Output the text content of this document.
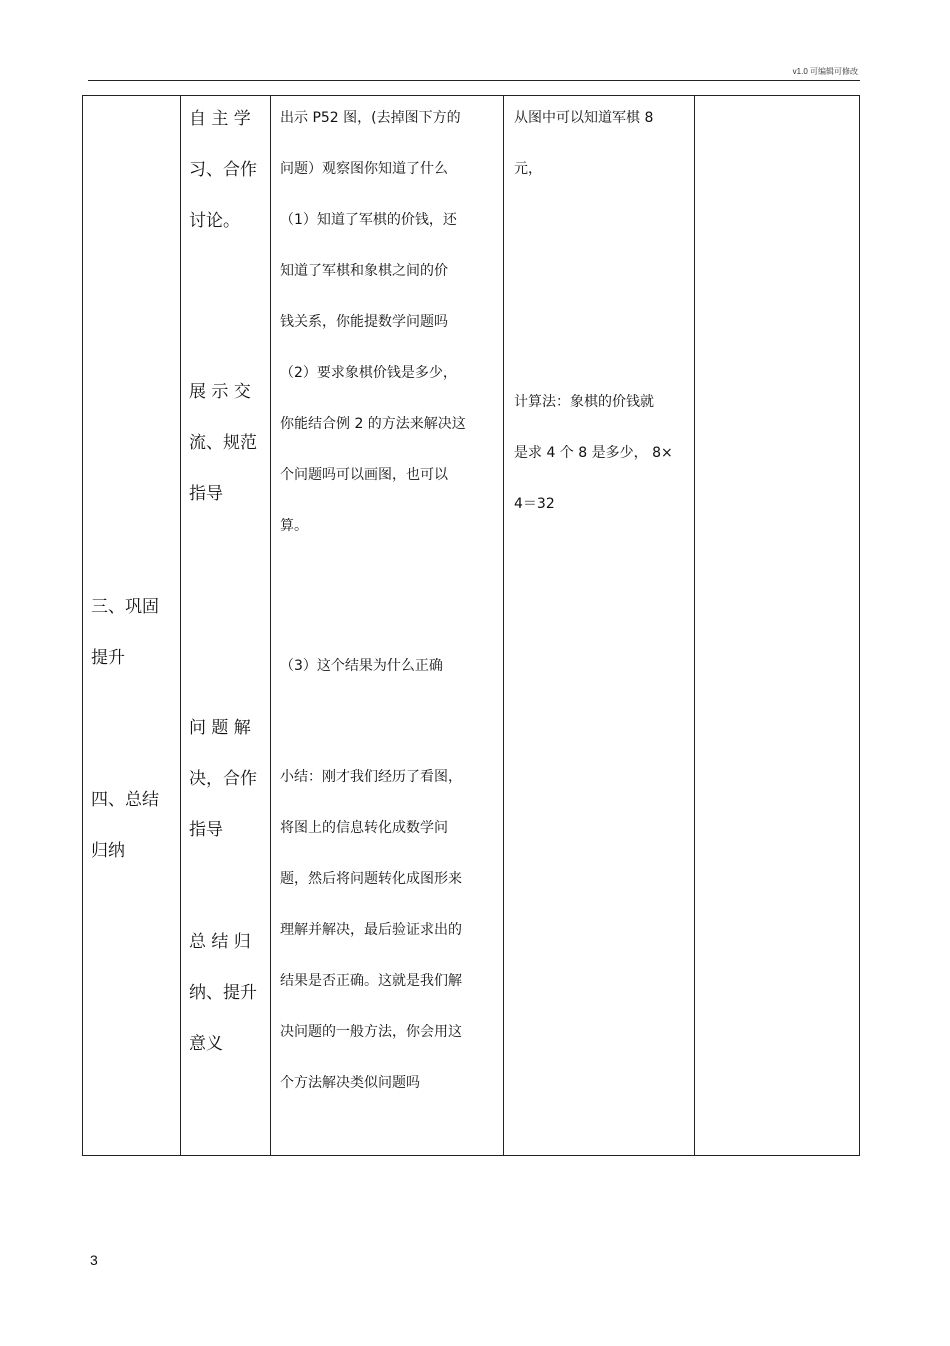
v1.0 可编辑可修改
三、巩固
提升
四、总结
归纳
自 主 学
习、合作
讨论。
展 示 交
流、规范
指导
问 题 解
决，合作
指导
总 结 归
纳、提升
意义
出示 P52 图，(去掉图下方的
问题）观察图你知道了什么
（1）知道了军棋的价钱，还
知道了军棋和象棋之间的价
钱关系，你能提数学问题吗
（2）要求象棋价钱是多少，
你能结合例 2 的方法来解决这
个问题吗可以画图，也可以
算。
（3）这个结果为什么正确
小结：刚才我们经历了看图，
将图上的信息转化成数学问
题，然后将问题转化成图形来
理解并解决，最后验证求出的
结果是否正确。这就是我们解
决问题的一般方法，你会用这
个方法解决类似问题吗
从图中可以知道军棋 8
元，
计算法：象棋的价钱就
是求 4 个 8 是多少， 8×
4＝32
3
